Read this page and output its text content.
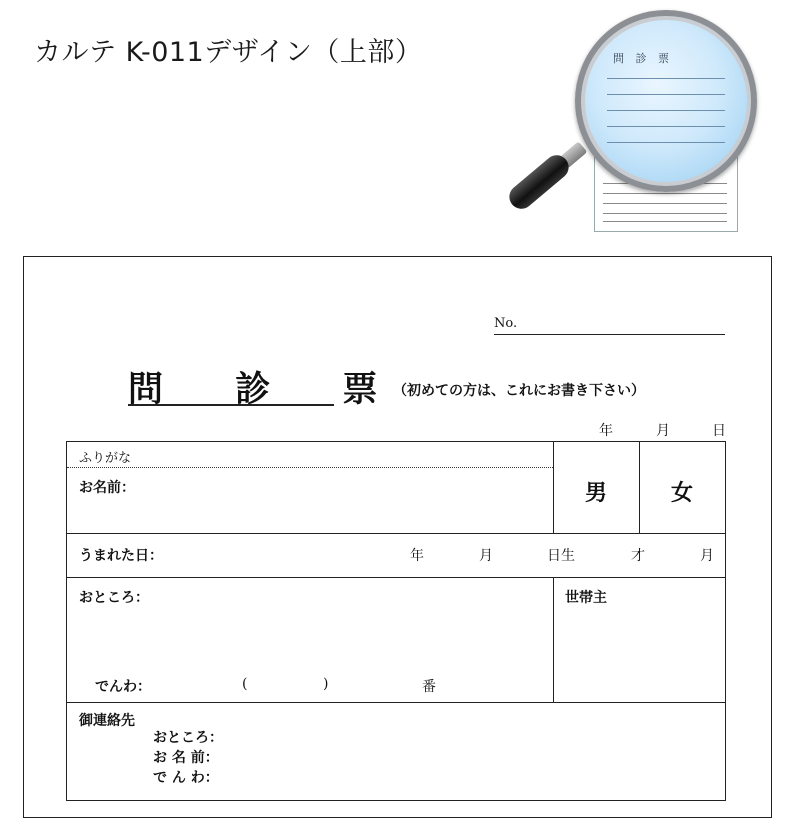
カルテ K-011デザイン（上部）	問 診 票
No.
問 診 票
（初めての方は、これにお書き下さい）
年	月	日
ふりがな
お名前：	男	女
うまれた日：	年	月	日生	才	月
おところ：	世帯主
でんわ：	(	)	番
御連絡先
おところ：
お 名 前：
で ん わ：
